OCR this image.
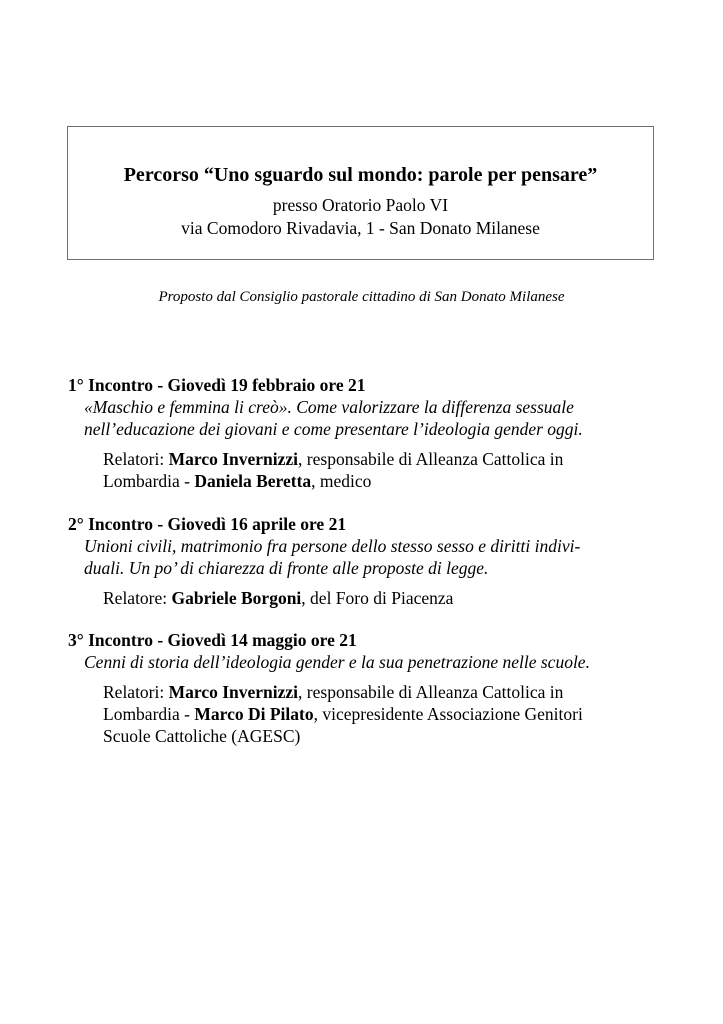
Percorso “Uno sguardo sul mondo: parole per pensare”
presso Oratorio Paolo VI
via Comodoro Rivadavia, 1 - San Donato Milanese
Proposto dal Consiglio pastorale cittadino di San Donato Milanese
1° Incontro - Giovedì 19 febbraio ore 21
«Maschio e femmina li creò». Come valorizzare la differenza sessuale
nell’educazione dei giovani e come presentare l’ideologia gender oggi.
Relatori: Marco Invernizzi, responsabile di Alleanza Cattolica in
Lombardia - Daniela Beretta, medico
2° Incontro - Giovedì 16 aprile ore 21
Unioni civili, matrimonio fra persone dello stesso sesso e diritti indivi-
duali. Un po’ di chiarezza di fronte alle proposte di legge.
Relatore: Gabriele Borgoni, del Foro di Piacenza
3° Incontro - Giovedì 14 maggio ore 21
Cenni di storia dell’ideologia gender e la sua penetrazione nelle scuole.
Relatori: Marco Invernizzi, responsabile di Alleanza Cattolica in
Lombardia - Marco Di Pilato, vicepresidente Associazione Genitori
Scuole Cattoliche (AGESC)
